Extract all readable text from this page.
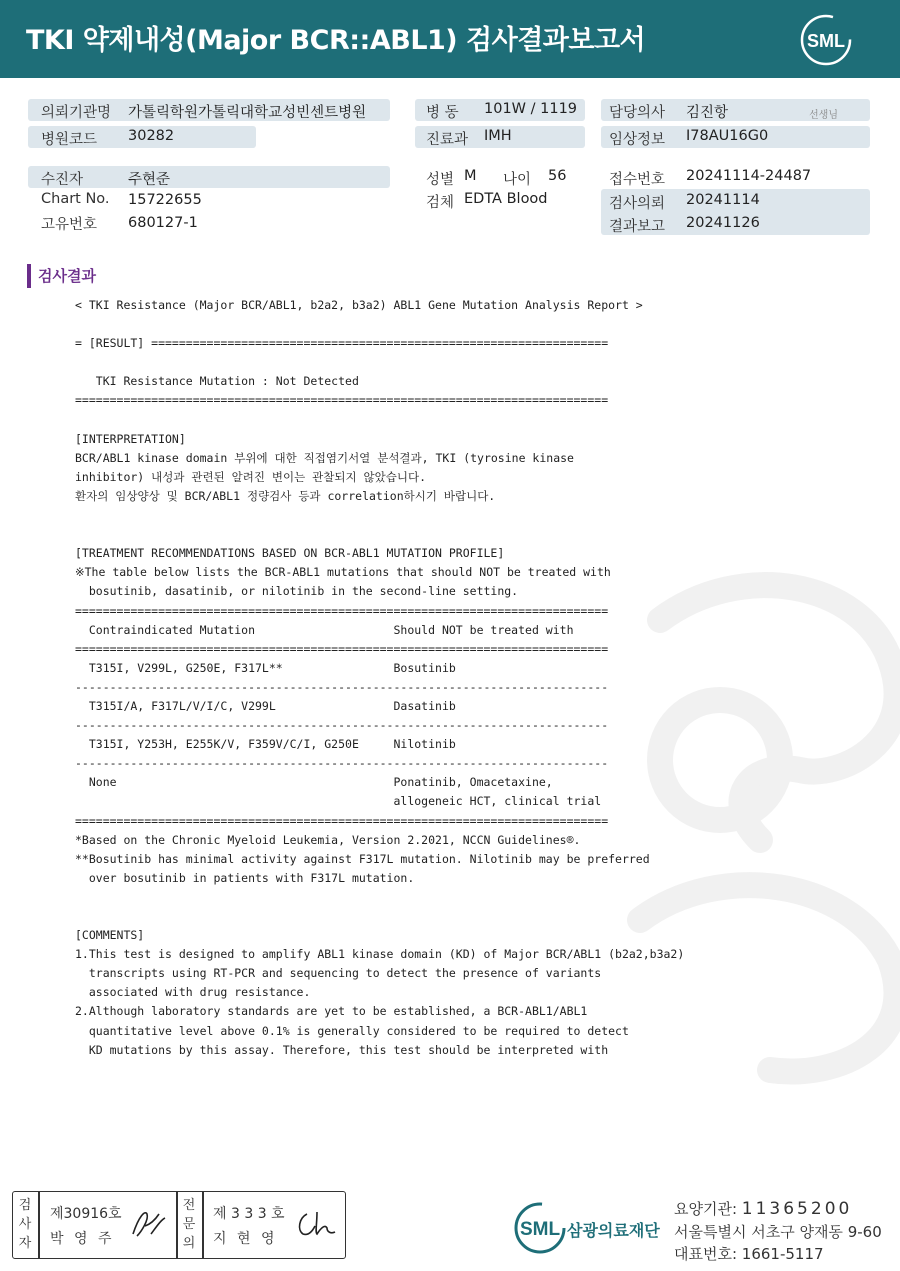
TKI 약제내성(Major BCR::ABL1) 검사결과보고서	SML
의뢰기관명 가톨릭학원가톨릭대학교성빈센트병원	병 동 101W / 1119 담당의사 김진항	선생님
병원코드 30282	진료과 IMH	임상정보 I78AU16G0
수진자	주현준	성별 M 나이 56	접수번호 20241114-24487
Chart No. 15722655	검체 EDTA Blood	검사의뢰 20241114
고유번호 680127-1	결과보고 20241126
검사결과
< TKI Resistance (Major BCR/ABL1, b2a2, b3a2) ABL1 Gene Mutation Analysis Report >

= [RESULT] ==================================================================

TKI Resistance Mutation : Not Detected
=============================================================================

[INTERPRETATION]
BCR/ABL1 kinase domain 부위에 대한 직접염기서열 분석결과, TKI (tyrosine kinase
inhibitor) 내성과 관련된 알려진 변이는 관찰되지 않았습니다.
환자의 임상양상 및 BCR/ABL1 정량검사 등과 correlation하시기 바랍니다.

[TREATMENT RECOMMENDATIONS BASED ON BCR-ABL1 MUTATION PROFILE]
※The table below lists the BCR-ABL1 mutations that should NOT be treated with
bosutinib, dasatinib, or nilotinib in the second-line setting.
=============================================================================
Contraindicated Mutation                    Should NOT be treated with
=============================================================================
T315I, V299L, G250E, F317L**                Bosutinib
-----------------------------------------------------------------------------
T315I/A, F317L/V/I/C, V299L                 Dasatinib
-----------------------------------------------------------------------------
T315I, Y253H, E255K/V, F359V/C/I, G250E     Nilotinib
-----------------------------------------------------------------------------
None                                        Ponatinib, Omacetaxine,
allogeneic HCT, clinical trial
=============================================================================
*Based on the Chronic Myeloid Leukemia, Version 2.2021, NCCN Guidelines®.
**Bosutinib has minimal activity against F317L mutation. Nilotinib may be preferred
over bosutinib in patients with F317L mutation.

[COMMENTS]
1.This test is designed to amplify ABL1 kinase domain (KD) of Major BCR/ABL1 (b2a2,b3a2)
transcripts using RT-PCR and sequencing to detect the presence of variants
associated with drug resistance.
2.Although laboratory standards are yet to be established, a BCR-ABL1/ABL1
quantitative level above 0.1% is generally considered to be required to detect
KD mutations by this assay. Therefore, this test should be interpreted with
검
사
자
제30916호
박 영 주
전
문
의
제 3 3 3 호
지 현 영	SML 삼광의료재단
요양기관: 11365200
서울특별시 서초구 양재동 9-60
대표번호: 1661-5117
